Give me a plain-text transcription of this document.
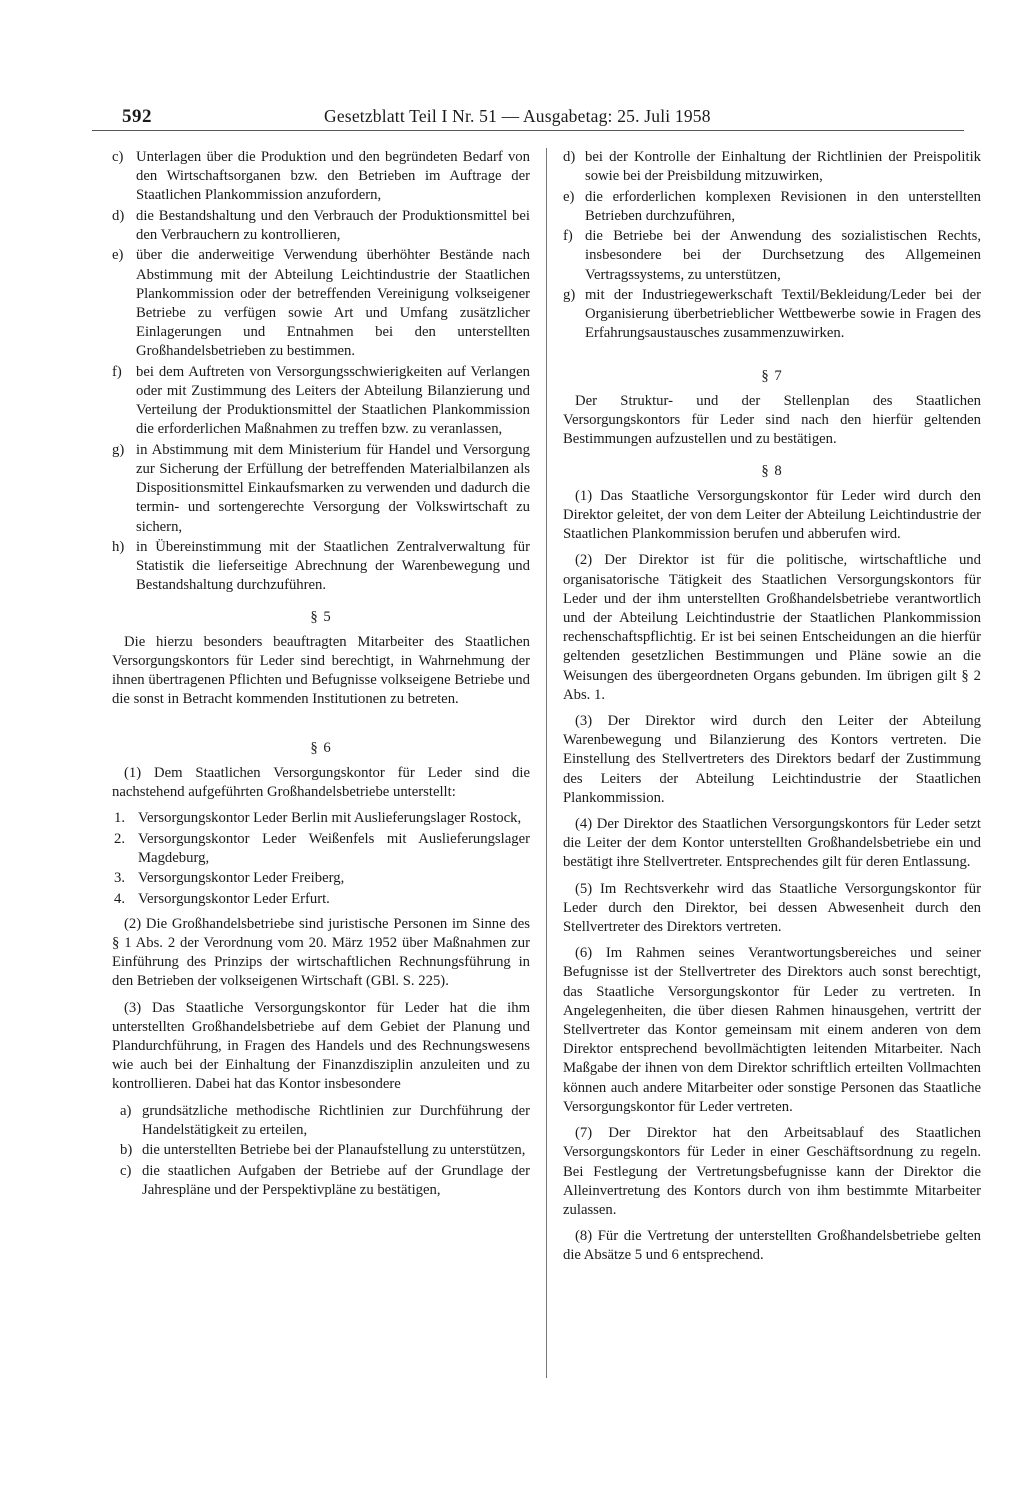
592	Gesetzblatt Teil I Nr. 51 — Ausgabetag: 25. Juli 1958
c) Unterlagen über die Produktion und den begründeten Bedarf von den Wirtschaftsorganen bzw. den Betrieben im Auftrage der Staatlichen Plankommission anzufordern,
d) die Bestandshaltung und den Verbrauch der Produktionsmittel bei den Verbrauchern zu kontrollieren,
e) über die anderweitige Verwendung überhöhter Bestände nach Abstimmung mit der Abteilung Leichtindustrie der Staatlichen Plankommission oder der betreffenden Vereinigung volkseigener Betriebe zu verfügen sowie Art und Umfang zusätzlicher Einlagerungen und Entnahmen bei den unterstellten Großhandelsbetrieben zu bestimmen.
f) bei dem Auftreten von Versorgungsschwierigkeiten auf Verlangen oder mit Zustimmung des Leiters der Abteilung Bilanzierung und Verteilung der Produktionsmittel der Staatlichen Plankommission die erforderlichen Maßnahmen zu treffen bzw. zu veranlassen,
g) in Abstimmung mit dem Ministerium für Handel und Versorgung zur Sicherung der Erfüllung der betreffenden Materialbilanzen als Dispositionsmittel Einkaufsmarken zu verwenden und dadurch die termin- und sortengerechte Versorgung der Volkswirtschaft zu sichern,
h) in Übereinstimmung mit der Staatlichen Zentralverwaltung für Statistik die lieferseitige Abrechnung der Warenbewegung und Bestandshaltung durchzuführen.
§ 5

Die hierzu besonders beauftragten Mitarbeiter des Staatlichen Versorgungskontors für Leder sind berechtigt, in Wahrnehmung der ihnen übertragenen Pflichten und Befugnisse volkseigene Betriebe und die sonst in Betracht kommenden Institutionen zu betreten.

§ 6

(1) Dem Staatlichen Versorgungskontor für Leder sind die nachstehend aufgeführten Großhandelsbetriebe unterstellt:

1. Versorgungskontor Leder Berlin mit Auslieferungslager Rostock,
2. Versorgungskontor Leder Weißenfels mit Auslieferungslager Magdeburg,
3. Versorgungskontor Leder Freiberg,
4. Versorgungskontor Leder Erfurt.

(2) Die Großhandelsbetriebe sind juristische Personen im Sinne des § 1 Abs. 2 der Verordnung vom 20. März 1952 über Maßnahmen zur Einführung des Prinzips der wirtschaftlichen Rechnungsführung in den Betrieben der volkseigenen Wirtschaft (GBl. S. 225).

(3) Das Staatliche Versorgungskontor für Leder hat die ihm unterstellten Großhandelsbetriebe auf dem Gebiet der Planung und Plandurchführung, in Fragen des Handels und des Rechnungswesens wie auch bei der Einhaltung der Finanzdisziplin anzuleiten und zu kontrollieren. Dabei hat das Kontor insbesondere

a) grundsätzliche methodische Richtlinien zur Durchführung der Handelstätigkeit zu erteilen,
b) die unterstellten Betriebe bei der Planaufstellung zu unterstützen,
c) die staatlichen Aufgaben der Betriebe auf der Grundlage der Jahrespläne und der Perspektivpläne zu bestätigen,
d) bei der Kontrolle der Einhaltung der Richtlinien der Preispolitik sowie bei der Preisbildung mitzuwirken,
e) die erforderlichen komplexen Revisionen in den unterstellten Betrieben durchzuführen,
f) die Betriebe bei der Anwendung des sozialistischen Rechts, insbesondere bei der Durchsetzung des Allgemeinen Vertragssystems, zu unterstützen,
g) mit der Industriegewerkschaft Textil/Bekleidung/Leder bei der Organisierung überbetrieblicher Wettbewerbe sowie in Fragen des Erfahrungsaustausches zusammenzuwirken.
§ 7

Der Struktur- und der Stellenplan des Staatlichen Versorgungskontors für Leder sind nach den hierfür geltenden Bestimmungen aufzustellen und zu bestätigen.

§ 8

(1) Das Staatliche Versorgungskontor für Leder wird durch den Direktor geleitet, der von dem Leiter der Abteilung Leichtindustrie der Staatlichen Plankommission berufen und abberufen wird.

(2) Der Direktor ist für die politische, wirtschaftliche und organisatorische Tätigkeit des Staatlichen Versorgungskontors für Leder und der ihm unterstellten Großhandelsbetriebe verantwortlich und der Abteilung Leichtindustrie der Staatlichen Plankommission rechenschaftspflichtig. Er ist bei seinen Entscheidungen an die hierfür geltenden gesetzlichen Bestimmungen und Pläne sowie an die Weisungen des übergeordneten Organs gebunden. Im übrigen gilt § 2 Abs. 1.

(3) Der Direktor wird durch den Leiter der Abteilung Warenbewegung und Bilanzierung des Kontors vertreten. Die Einstellung des Stellvertreters des Direktors bedarf der Zustimmung des Leiters der Abteilung Leichtindustrie der Staatlichen Plankommission.

(4) Der Direktor des Staatlichen Versorgungskontors für Leder setzt die Leiter der dem Kontor unterstellten Großhandelsbetriebe ein und bestätigt ihre Stellvertreter. Entsprechendes gilt für deren Entlassung.

(5) Im Rechtsverkehr wird das Staatliche Versorgungskontor für Leder durch den Direktor, bei dessen Abwesenheit durch den Stellvertreter des Direktors vertreten.

(6) Im Rahmen seines Verantwortungsbereiches und seiner Befugnisse ist der Stellvertreter des Direktors auch sonst berechtigt, das Staatliche Versorgungskontor für Leder zu vertreten. In Angelegenheiten, die über diesen Rahmen hinausgehen, vertritt der Stellvertreter das Kontor gemeinsam mit einem anderen von dem Direktor entsprechend bevollmächtigten leitenden Mitarbeiter. Nach Maßgabe der ihnen von dem Direktor schriftlich erteilten Vollmachten können auch andere Mitarbeiter oder sonstige Personen das Staatliche Versorgungskontor für Leder vertreten.

(7) Der Direktor hat den Arbeitsablauf des Staatlichen Versorgungskontors für Leder in einer Geschäftsordnung zu regeln. Bei Festlegung der Vertretungsbefugnisse kann der Direktor die Alleinvertretung des Kontors durch von ihm bestimmte Mitarbeiter zulassen.

(8) Für die Vertretung der unterstellten Großhandelsbetriebe gelten die Absätze 5 und 6 entsprechend.
